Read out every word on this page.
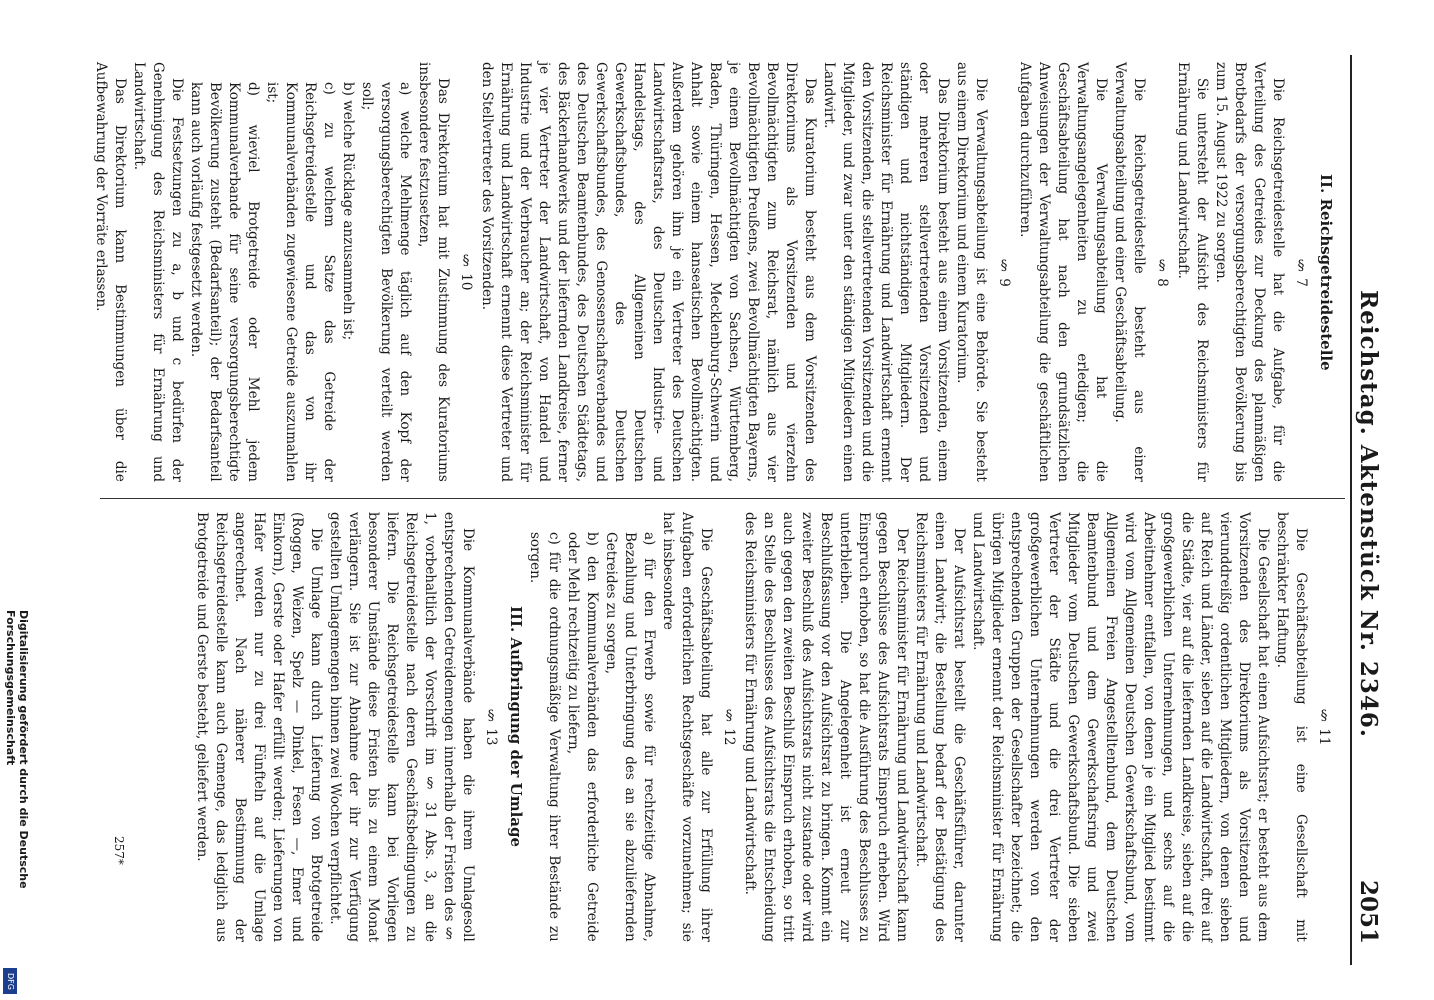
Reichstag. Aktenstück Nr. 2346.
2051

II. Reichsgetreidestelle

§ 7

Die Reichsgetreidestelle hat die Aufgabe, für die Verteilung des Getreides zur Deckung des planmäßigen Brotbedarfs der versorgungsberechtigten Bevölkerung bis zum 15. August 1922 zu sorgen.

Sie untersteht der Aufsicht des Reichsministers für Ernährung und Landwirtschaft.

§ 8

Die Reichsgetreidestelle besteht aus einer Verwaltungsabteilung und einer Geschäftsabteilung.

Die Verwaltungsabteilung hat die Verwaltungsangelegenheiten zu erledigen; die Geschäftsabteilung hat nach den grundsätzlichen Anweisungen der Verwaltungsabteilung die geschäftlichen Aufgaben durchzuführen.

§ 9

Die Verwaltungsabteilung ist eine Behörde. Sie besteht aus einem Direktorium und einem Kuratorium.

Das Direktorium besteht aus einem Vorsitzenden, einem oder mehreren stellvertretenden Vorsitzenden und ständigen und nichtständigen Mitgliedern. Der Reichsminister für Ernährung und Landwirtschaft ernennt den Vorsitzenden, die stellvertretenden Vorsitzenden und die Mitglieder, und zwar unter den ständigen Mitgliedern einen Landwirt.

Das Kuratorium besteht aus dem Vorsitzenden des Direktoriums als Vorsitzenden und vierzehn Bevollmächtigten zum Reichsrat, nämlich aus vier Bevollmächtigten Preußens, zwei Bevollmächtigten Bayerns, je einem Bevollmächtigten von Sachsen, Württemberg, Baden, Thüringen, Hessen, Mecklenburg-Schwerin und Anhalt sowie einem hanseatischen Bevollmächtigten. Außerdem gehören ihm je ein Vertreter des Deutschen Landwirtschaftsrats, des Deutschen Industrie- und Handelstags, des Allgemeinen Deutschen Gewerkschaftsbundes, des Deutschen Gewerkschaftsbundes, des Genossenschaftsverbandes und des Deutschen Beamtenbundes, des Deutschen Städtetags, des Bäckerhandwerks und der liefernden Landkreise, ferner je vier Vertreter der Landwirtschaft, von Handel und Industrie und der Verbraucher an; der Reichsminister für Ernährung und Landwirtschaft ernennt diese Vertreter und den Stellvertreter des Vorsitzenden.

§ 10

Das Direktorium hat mit Zustimmung des Kuratoriums insbesondere festzusetzen,

a) welche Mehlmenge täglich auf den Kopf der versorgungsberechtigten Bevölkerung verteilt werden soll;

b) welche Rücklage anzusammeln ist;

c) zu welchem Satze das Getreide der Reichsgetreidestelle und das von ihr Kommunalverbänden zugewiesene Getreide auszumahlen ist;

d) wieviel Brotgetreide oder Mehl jedem Kommunalverbande für seine versorgungsberechtigte Bevölkerung zusteht (Bedarfsanteil); der Bedarfsanteil kann auch vorläufig festgesetzt werden.

Die Festsetzungen zu a, b und c bedürfen der Genehmigung des Reichsministers für Ernährung und Landwirtschaft.

Das Direktorium kann Bestimmungen über die Aufbewahrung der Vorräte erlassen.

§ 11

Die Geschäftsabteilung ist eine Gesellschaft mit beschränkter Haftung.

Die Gesellschaft hat einen Aufsichtsrat; er besteht aus dem Vorsitzenden des Direktoriums als Vorsitzenden und vierunddreißig ordentlichen Mitgliedern, von denen sieben auf Reich und Länder, sieben auf die Landwirtschaft, drei auf die Städte, vier auf die liefernden Landkreise, sieben auf die großgewerblichen Unternehmungen, und sechs auf die Arbeitnehmer entfallen, von denen je ein Mitglied bestimmt wird vom Allgemeinen Deutschen Gewerkschaftsbund, vom Allgemeinen Freien Angestelltenbund, dem Deutschen Beamtenbund und dem Gewerkschaftsring und zwei Mitglieder vom Deutschen Gewerkschaftsbund. Die sieben Vertreter der Städte und die drei Vertreter der großgewerblichen Unternehmungen werden von den entsprechenden Gruppen der Gesellschafter bezeichnet; die übrigen Mitglieder ernennt der Reichsminister für Ernährung und Landwirtschaft.

Der Aufsichtsrat bestellt die Geschäftsführer, darunter einen Landwirt; die Bestellung bedarf der Bestätigung des Reichsministers für Ernährung und Landwirtschaft.

Der Reichsminister für Ernährung und Landwirtschaft kann gegen Beschlüsse des Aufsichtsrats Einspruch erheben. Wird Einspruch erhoben, so hat die Ausführung des Beschlusses zu unterbleiben. Die Angelegenheit ist erneut zur Beschlußfassung vor den Aufsichtsrat zu bringen. Kommt ein zweiter Beschluß des Aufsichtsrats nicht zustande oder wird auch gegen den zweiten Beschluß Einspruch erhoben, so tritt an Stelle des Beschlusses des Aufsichtsrats die Entscheidung des Reichsministers für Ernährung und Landwirtschaft.

§ 12

Die Geschäftsabteilung hat alle zur Erfüllung ihrer Aufgaben erforderlichen Rechtsgeschäfte vorzunehmen; sie hat insbesondere

a) für den Erwerb sowie für rechtzeitige Abnahme, Bezahlung und Unterbringung des an sie abzuliefernden Getreides zu sorgen,

b) den Kommunalverbänden das erforderliche Getreide oder Mehl rechtzeitig zu liefern,

c) für die ordnungsmäßige Verwaltung ihrer Bestände zu sorgen.

III. Aufbringung der Umlage

§ 13

Die Kommunalverbände haben die ihrem Umlagesoll entsprechenden Getreidemengen innerhalb der Fristen des § 1, vorbehaltlich der Vorschrift im § 31 Abs. 3, an die Reichsgetreidestelle nach deren Geschäftsbedingungen zu liefern. Die Reichsgetreidestelle kann bei Vorliegen besonderer Umstände diese Fristen bis zu einem Monat verlängern. Sie ist zur Abnahme der ihr zur Verfügung gestellten Umlagemengen binnen zwei Wochen verpflichtet.

Die Umlage kann durch Lieferung von Brotgetreide (Roggen, Weizen, Spelz — Dinkel, Fesen —, Emer und Einkorn), Gerste oder Hafer erfüllt werden; Lieferungen von Hafer werden nur zu drei Fünfteln auf die Umlage angerechnet. Nach näherer Bestimmung der Reichsgetreidestelle kann auch Gemenge, das lediglich aus Brotgetreide und Gerste besteht, geliefert werden.

257*
Digitalisierung gefördert durch die Deutsche Forschungsgemeinschaft
DFG
